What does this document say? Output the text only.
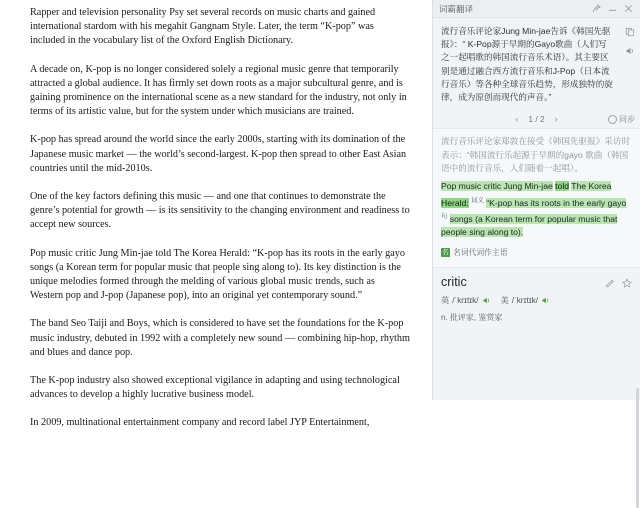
Rapper and television personality Psy set several records on music charts and gained international stardom with his megahit Gangnam Style. Later, the term “K-pop” was included in the vocabulary list of the Oxford English Dictionary.

A decade on, K-pop is no longer considered solely a regional music genre that temporarily attracted a global audience. It has firmly set down roots as a major subcultural genre, and is gaining prominence on the international scene as a new standard for the industry, not only in terms of its artistic value, but for the system under which musicians are trained.

K-pop has spread around the world since the early 2000s, starting with its domination of the Japanese music market — the world’s second-largest. K-pop then spread to other East Asian countries until the mid-2010s.

One of the key factors defining this music — and one that continues to demonstrate the genre’s potential for growth — is its sensitivity to the changing environment and readiness to accept new sources.

Pop music critic Jung Min-jae told The Korea Herald: “K-pop has its roots in the early gayo songs (a Korean term for popular music that people sing along to). Its key distinction is the unique melodies formed through the melding of various global music trends, such as Western pop and J-pop (Japanese pop), into an original yet contemporary sound.”

The band Seo Taiji and Boys, which is considered to have set the foundations for the K-pop music industry, debuted in 1992 with a completely new sound — combining hip-hop, rhythm and blues and dance pop.

The K-pop industry also showed exceptional vigilance in adapting and using technological advances to develop a highly lucrative business model.

In 2009, multinational entertainment company and record label JYP Entertainment,

词霸翻译
流行音乐评论家Jung Min-jae告诉《韩国先驱报》：“ K-Pop源于早期的Gayo歌曲（人们写之一起唱歌的韩国流行音乐术语）。其主要区别是通过融合西方流行音乐和J-Pop（日本流行音乐）等各种全球音乐趋势，形成独特的旋律，成为原创而现代的声音。”
‹ 1 / 2 ›	同步
流行音乐评论家郑敦在接受《韩国先驱报》采访时表示：“韩国流行乐起源于早期的gayo 歌曲（韩国语中的流行音乐，人们随着一起唱）。
Pop music critic Jung Min-jae told The Korea Herald: $^{词义}$ “K-pop has its roots in the early gayo $^句$ songs (a Korean term for popular music that people sing along to).
名 名词代词作主语
critic
英 /ˈkrɪtɪk/	美 /ˈkrɪtɪk/
n. 批评家, 鉴赏家
